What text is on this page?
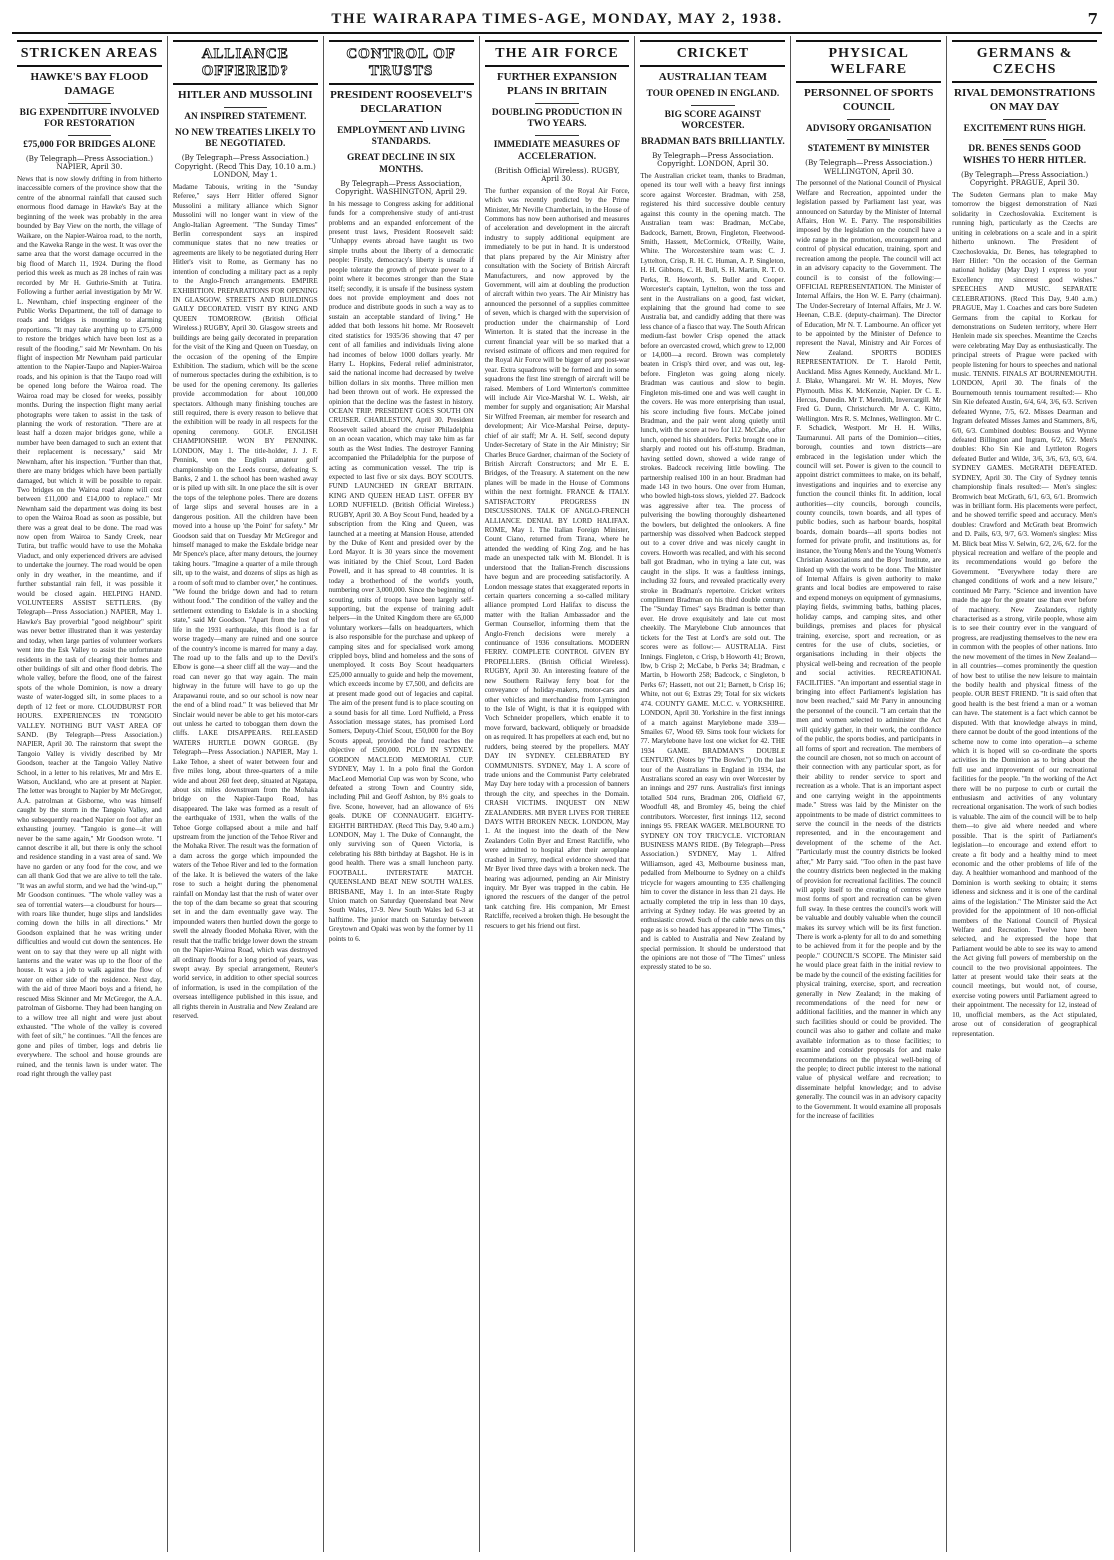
THE WAIRARAPA TIMES-AGE, MONDAY, MAY 2, 1938.	7
STRICKEN AREAS
HAWKE'S BAY FLOOD DAMAGE
BIG EXPENDITURE INVOLVED FOR RESTORATION
£75,000 FOR BRIDGES ALONE
(By Telegraph—Press Association.) NAPIER, April 30.
News that is now slowly drifting in from hitherto inaccessible corners of the province show that the centre of the abnormal rainfall that caused such enormous flood damage in Hawke's Bay at the beginning of the week was probably in the area bounded by Bay View on the north, the village of Waikare, on the Napier-Wairoa road, to the north, and the Kaweka Range in the west. It was over the same area that the worst damage occurred in the big flood of March 11, 1924. During the flood period this week as much as 28 inches of rain was recorded by Mr H. Guthrie-Smith at Tutira. Following a further aerial investigation by Mr W. L. Newnham, chief inspecting engineer of the Public Works Department, the toll of damage to roads and bridges is mounting to alarming proportions. "It may take anything up to £75,000 to restore the bridges which have been lost as a result of the flooding," said Mr Newnham. On his flight of inspection Mr Newnham paid particular attention to the Napier-Taupo and Napier-Wairoa roads, and his opinion is that the Taupo road will be opened long before the Wairoa road. The Wairoa road may be closed for weeks, possibly months. During the inspection flight many aerial photographs were taken to assist in the task of planning the work of restoration. "There are at least half a dozen major bridges gone, while a number have been damaged to such an extent that their replacement is necessary," said Mr Newnham, after his inspection. "Further than that, there are many bridges which have been partially damaged, but which it will be possible to repair. Two bridges on the Wairoa road alone will cost between £11,000 and £14,000 to replace." Mr Newnham said the department was doing its best to open the Wairoa Road as soon as possible, but there was a great deal to be done. The road was now open from Wairoa to Sandy Creek, near Tutira, but traffic would have to use the Mohaka Viaduct, and only experienced drivers are advised to undertake the journey. The road would be open only in dry weather, in the meantime, and if further substantial rain fell, it was possible it would be closed again. HELPING HAND. VOLUNTEERS ASSIST SETTLERS. (By Telegraph—Press Association.) NAPIER, May 1. Hawke's Bay proverbial "good neighbour" spirit was never better illustrated than it was yesterday and today, when large parties of volunteer workers went into the Esk Valley to assist the unfortunate residents in the task of clearing their homes and other buildings of silt and other flood debris. The whole valley, before the flood, one of the fairest spots of the whole Dominion, is now a dreary waste of water-logged silt, in some places to a depth of 12 feet or more. CLOUDBURST FOR HOURS. EXPERIENCES IN TONGOIO VALLEY. NOTHING BUT VAST AREA OF SAND. (By Telegraph—Press Association.) NAPIER, April 30. The rainstorm that swept the Tangoio Valley is vividly described by Mr Goodson, teacher at the Tangoio Valley Native School, in a letter to his relatives, Mr and Mrs E. Watson, Auckland, who are at present at Napier. The letter was brought to Napier by Mr McGregor, A.A. patrolman at Gisborne, who was himself caught by the storm in the Tangoio Valley, and who subsequently reached Napier on foot after an exhausting journey. "Tangoio is gone—it will never be the same again," Mr Goodson wrote. "I cannot describe it all, but there is only the school and residence standing in a vast area of sand. We have no garden or any food for the cow, and we can all thank God that we are alive to tell the tale. "It was an awful storm, and we had the 'wind-up,'" Mr Goodson continues. "The whole valley was a sea of torrential waters—a cloudburst for hours—with roars like thunder, huge slips and landslides coming down the hills in all directions." Mr Goodson explained that he was writing under difficulties and would cut down the sentences. He went on to say that they were up all night with lanterns and the water was up to the floor of the house. It was a job to walk against the flow of water on either side of the residence. Next day, with the aid of three Maori boys and a friend, he rescued Miss Skinner and Mr McGregor, the A.A. patrolman of Gisborne. They had been hanging on to a willow tree all night and were just about exhausted. "The whole of the valley is covered with feet of silt," he continues. "All the fences are gone and piles of timber, logs and debris lie everywhere. The school and house grounds are ruined, and the tennis lawn is under water. The road right through the valley past
ALLIANCE OFFERED?
HITLER AND MUSSOLINI
AN INSPIRED STATEMENT.
NO NEW TREATIES LIKELY TO BE NEGOTIATED.
(By Telegraph—Press Association.) Copyright. (Recd This Day, 10.10 a.m.) LONDON, May 1.
Madame Tabouis, writing in the "Sunday Referee," says Herr Hitler offered Signor Mussolini a military alliance which Signor Mussolini will no longer want in view of the Anglo-Italian Agreement. "The Sunday Times" Berlin correspondent says an inspired communique states that no new treaties or agreements are likely to be negotiated during Herr Hitler's visit to Rome, as Germany has no intention of concluding a military pact as a reply to the Anglo-French arrangements. EMPIRE EXHIBITION. PREPARATIONS FOR OPENING IN GLASGOW. STREETS AND BUILDINGS GAILY DECORATED. VISIT BY KING AND QUEEN TOMORROW. (British Official Wireless.) RUGBY, April 30. Glasgow streets and buildings are being gaily decorated in preparation for the visit of the King and Queen on Tuesday, on the occasion of the opening of the Empire Exhibition. The stadium, which will be the scene of numerous spectacles during the exhibition, is to be used for the opening ceremony. Its galleries provide accommodation for about 100,000 spectators. Although many finishing touches are still required, there is every reason to believe that the exhibition will be ready in all respects for the opening ceremony. GOLF. ENGLISH CHAMPIONSHIP. WON BY PENNINK. LONDON, May 1. The title-holder, J. J. F. Pennink, won the English amateur golf championship on the Leeds course, defeating S. Banks, 2 and 1. the school has been washed away or is piled up with silt. In one place the silt is over the tops of the telephone poles. There are dozens of large slips and several houses are in a dangerous position. All the children have been moved into a house up 'the Point' for safety." Mr Goodson said that on Tuesday Mr McGregor and himself managed to make the Eskdale bridge near Mr Spence's place, after many detours, the journey taking hours. "Imagine a quarter of a mile through silt, up to the waist, and dozens of slips as high as a room of soft mud to clamber over," he continues. "We found the bridge down and had to return without food." The condition of the valley and the settlement extending to Eskdale is in a shocking state," said Mr Goodson. "Apart from the lost of life in the 1931 earthquake, this flood is a far worse tragedy—many are ruined and one source of the country's income is marred for many a day. The road up to the falls and up to the Devil's Elbow is gone—a sheer cliff all the way—and the road can never go that way again. The main highway in the future will have to go up the Arapawanui route, and so our school is now near the end of a blind road." It was believed that Mr Sinclair would never be able to get his motor-cars out unless he carted to toboggan them down the cliffs. LAKE DISAPPEARS. RELEASED WATERS HURTLE DOWN GORGE. (By Telegraph—Press Association.) NAPIER, May 1. Lake Tehoe, a sheet of water between four and five miles long, about three-quarters of a mile wide and about 260 feet deep, situated at Ngatapa, about six miles downstream from the Mohaka bridge on the Napier-Taupo Road, has disappeared. The lake was formed as a result of the earthquake of 1931, when the walls of the Tehoe Gorge collapsed about a mile and half upstream from the junction of the Tehoe River and the Mohaka River. The result was the formation of a dam across the gorge which impounded the waters of the Tehoe River and led to the formation of the lake. It is believed the waters of the lake rose to such a height during the phenomenal rainfall on Monday last that the rush of water over the top of the dam became so great that scouring set in and the dam eventually gave way. The impounded waters then hurtled down the gorge to swell the already flooded Mohaka River, with the result that the traffic bridge lower down the stream on the Napier-Wairoa Road, which was destroyed all ordinary floods for a long period of years, was swept away. By special arrangement, Reuter's world service, in addition to other special sources of information, is used in the compilation of the overseas intelligence published in this issue, and all rights therein in Australia and New Zealand are reserved.
CONTROL OF TRUSTS
PRESIDENT ROOSEVELT'S DECLARATION
EMPLOYMENT AND LIVING STANDARDS.
GREAT DECLINE IN SIX MONTHS.
By Telegraph—Press Association, Copyright. WASHINGTON, April 29.
In his message to Congress asking for additional funds for a comprehensive study of anti-trust problems and an expanded enforcement of the present trust laws, President Roosevelt said: "Unhappy events abroad have taught us two simple truths about the liberty of a democratic people: Firstly, democracy's liberty is unsafe if people tolerate the growth of private power to a point where it becomes stronger than the State itself; secondly, it is unsafe if the business system does not provide employment and does not produce and distribute goods in such a way as to sustain an acceptable standard of living." He added that both lessons hit home. Mr Roosevelt cited statistics for 1935/36 showing that 47 per cent of all families and individuals living alone had incomes of below 1000 dollars yearly. Mr Harry L. Hopkins, Federal relief administrator, said the national income had decreased by twelve billion dollars in six months. Three million men had been thrown out of work. He expressed the opinion that the decline was the fastest in history. OCEAN TRIP. PRESIDENT GOES SOUTH ON CRUISER. CHARLESTON, April 30. President Roosevelt sailed aboard the cruiser Philadelphia on an ocean vacation, which may take him as far south as the West Indies. The destroyer Fanning accompanied the Philadelphia for the purpose of acting as communication vessel. The trip is expected to last five or six days. BOY SCOUTS. FUND LAUNCHED IN GREAT BRITAIN. KING AND QUEEN HEAD LIST. OFFER BY LORD NUFFIELD. (British Official Wireless.) RUGBY, April 30. A Boy Scout Fund, headed by a subscription from the King and Queen, was launched at a meeting at Mansion House, attended by the Duke of Kent and presided over by the Lord Mayor. It is 30 years since the movement was initiated by the Chief Scout, Lord Baden Powell, and it has spread to 48 countries. It is today a brotherhood of the world's youth, numbering over 3,000,000. Since the beginning of scouting, units of troops have been largely self-supporting, but the expense of training adult helpers—in the United Kingdom there are 65,000 voluntary workers—falls on headquarters, which is also responsible for the purchase and upkeep of camping sites and for specialised work among crippled boys, blind and homeless and the sons of unemployed. It costs Boy Scout headquarters £25,000 annually to guide and help the movement, which exceeds income by £7,500, and deficits are at present made good out of legacies and capital. The aim of the present fund is to place scouting on a sound basis for all time. Lord Nuffield, a Press Association message states, has promised Lord Somers, Deputy-Chief Scout, £50,000 for the Boy Scouts appeal, provided the fund reaches the objective of £500,000. POLO IN SYDNEY. GORDON MACLEOD MEMORIAL CUP. SYDNEY, May 1. In a polo final the Gordon MacLeod Memorial Cup was won by Scone, who defeated a strong Town and Country side, including Phil and Geoff Ashton, by 8½ goals to five. Scone, however, had an allowance of 6½ goals. DUKE OF CONNAUGHT. EIGHTY-EIGHTH BIRTHDAY. (Recd This Day, 9.40 a.m.) LONDON, May 1. The Duke of Connaught, the only surviving son of Queen Victoria, is celebrating his 88th birthday at Bagshot. He is in good health. There was a small luncheon party. FOOTBALL. INTERSTATE MATCH. QUEENSLAND BEAT NEW SOUTH WALES. BRISBANE, May 1. In an inter-State Rugby Union match on Saturday Queensland beat New South Wales, 17-9. New South Wales led 6-3 at halftime. The junior match on Saturday between Greytown and Opaki was won by the former by 11 points to 6.
THE AIR FORCE
FURTHER EXPANSION PLANS IN BRITAIN
DOUBLING PRODUCTION IN TWO YEARS.
IMMEDIATE MEASURES OF ACCELERATION.
(British Official Wireless). RUGBY, April 30.
The further expansion of the Royal Air Force, which was recently predicted by the Prime Minister, Mr Neville Chamberlain, in the House of Commons has now been authorised and measures of acceleration and development in the aircraft industry to supply additional equipment are immediately to be put in hand. It is understood that plans prepared by the Air Ministry after consultation with the Society of British Aircraft Manufacturers, and now approved by the Government, will aim at doubling the production of aircraft within two years. The Air Ministry has announced the personnel of a supplies committee of seven, which is charged with the supervision of production under the chairmanship of Lord Winterton. It is stated that the increase in the current financial year will be so marked that a revised estimate of officers and men required for the Royal Air Force will be bigger of any post-war year. Extra squadrons will be formed and in some squadrons the first line strength of aircraft will be raised. Members of Lord Winterton's committee will include Air Vice-Marshal W. L. Welsh, air member for supply and organisation; Air Marshal Sir Wilfred Freeman, air member for research and development; Air Vice-Marshal Peirse, deputy-chief of air staff; Mr A. H. Self, second deputy Under-Secretary of State in the Air Ministry; Sir Charles Bruce Gardner, chairman of the Society of British Aircraft Constructors; and Mr E. E. Bridges, of the Treasury. A statement on the new planes will be made in the House of Commons within the next fortnight. FRANCE & ITALY. SATISFACTORY PROGRESS IN DISCUSSIONS. TALK OF ANGLO-FRENCH ALLIANCE. DENIAL BY LORD HALIFAX. ROME, May 1. The Italian Foreign Minister, Count Ciano, returned from Tirana, where he attended the wedding of King Zog. and he has made an unexpected talk with M. Blondel. It is understood that the Italian-French discussions have begun and are proceeding satisfactorily. A London message states that exaggerated reports in certain quarters concerning a so-called military alliance prompted Lord Halifax to discuss the matter with the Italian Ambassador and the German Counsellor, informing them that the Anglo-French decisions were merely a continuance of 1936 consultations. MODERN FERRY. COMPLETE CONTROL GIVEN BY PROPELLERS. (British Official Wireless). RUGBY, April 30. An interesting feature of the new Southern Railway ferry boat for the conveyance of holiday-makers, motor-cars and other vehicles and merchandise from Lymington to the Isle of Wight, is that it is equipped with Voch Schneider propellers, which enable it to move forward, backward, obliquely or broadside on as required. It has propellers at each end, but no rudders, being steered by the propellers. MAY DAY IN SYDNEY. CELEBRATED BY COMMUNISTS. SYDNEY, May 1. A score of trade unions and the Communist Party celebrated May Day here today with a procession of banners through the city, and speeches in the Domain. CRASH VICTIMS. INQUEST ON NEW ZEALANDERS. MR BYER LIVES FOR THREE DAYS WITH BROKEN NECK. LONDON, May 1. At the inquest into the death of the New Zealanders Colin Byer and Ernest Ratcliffe, who were admitted to hospital after their aeroplane crashed in Surrey, medical evidence showed that Mr Byer lived three days with a broken neck. The hearing was adjourned, pending an Air Ministry inquiry. Mr Byer was trapped in the cabin. He ignored the rescuers of the danger of the petrol tank catching fire. His companion, Mr Ernest Ratcliffe, received a broken thigh. He besought the rescuers to get his friend out first.
CRICKET
AUSTRALIAN TEAM
TOUR OPENED IN ENGLAND.
BIG SCORE AGAINST WORCESTER.
BRADMAN BATS BRILLIANTLY.
By Telegraph—Press Association. Copyright. LONDON, April 30.
The Australian cricket team, thanks to Bradman, opened its tour well with a heavy first innings score against Worcester. Bradman, with 258, registered his third successive double century against this county in the opening match. The Australian team was: Bradman, McCabe, Badcock, Barnett, Brown, Fingleton, Fleetwood-Smith, Hassett, McCormick, O'Reilly, Waite, White. The Worcestershire team was: C. J. Lyttelton, Crisp, R. H. C. Human, A. P. Singleton, H. H. Gibbons, C. H. Bull, S. H. Martin, R. T. O. Perks, R. Howorth, S. Buller and Cooper. Worcester's captain, Lyttelton, won the toss and sent in the Australians on a good, fast wicket, explaining that the ground had come to see Australia bat, and candidly adding that there was less chance of a fiasco that way. The South African medium-fast bowler Crisp opened the attack before an overcasted crowd, which grew to 12,000 or 14,000—a record. Brown was completely beaten in Crisp's third over, and was out, leg-before. Fingleton was going along nicely. Bradman was cautious and slow to begin. Fingleton mis-timed one and was well caught in the covers. He was more enterprising than usual, his score including five fours. McCabe joined Bradman, and the pair went along quietly until lunch, with the score at two for 112. McCabe, after lunch, opened his shoulders. Perks brought one in sharply and rooted out his off-stump. Bradman, having settled down, showed a wide range of strokes. Badcock receiving little bowling. The partnership realised 100 in an hour. Bradman had made 143 in two hours. One over from Human, who bowled high-toss slows, yielded 27. Badcock was aggressive after tea. The process of pulverising the bowling thoroughly disheartened the bowlers, but delighted the onlookers. A fine partnership was dissolved when Badcock stepped out to a cover drive and was nicely caught in covers. Howorth was recalled, and with his second ball got Bradman, who in trying a late cut, was caught in the slips. It was a faultless innings, including 32 fours, and revealed practically every stroke in Bradman's repertoire. Cricket writers compliment Bradman on his third double century. The "Sunday Times" says Bradman is better than ever. He drove exquisitely and late cut most cheekily. The Marylebone Club announces that tickets for the Test at Lord's are sold out. The scores were as follow:— AUSTRALIA. First Innings. Fingleton, c Crisp, b Howorth 41; Brown, lbw, b Crisp 2; McCabe, b Perks 34; Bradman, c Martin, b Howorth 258; Badcock, c Singleton, b Perks 67; Hassett, not out 21; Barnett, b Crisp 16; White, not out 6; Extras 29; Total for six wickets 474. COUNTY GAME. M.C.C. v. YORKSHIRE. LONDON, April 30. Yorkshire in the first innings of a match against Marylebone made 339—Smailes 67, Wood 69. Sims took four wickets for 77. Marylebone have lost one wicket for 42. THE 1934 GAME. BRADMAN'S DOUBLE CENTURY. (Notes by "The Bowler.") On the last tour of the Australians in England in 1934, the Australians scored an easy win over Worcester by an innings and 297 runs. Australia's first innings totalled 504 runs, Bradman 206, Oldfield 67, Woodfull 48, and Bromley 45, being the chief contributors. Worcester, first innings 112, second innings 95. FREAK WAGER. MELBOURNE TO SYDNEY ON TOY TRICYCLE. VICTORIAN BUSINESS MAN'S RIDE. (By Telegraph—Press Association.) SYDNEY, May 1. Alfred Williamson, aged 43, Melbourne business man, pedalled from Melbourne to Sydney on a child's tricycle for wagers amounting to £35 challenging him to cover the distance in less than 21 days. He actually completed the trip in less than 10 days, arriving at Sydney today. He was greeted by an enthusiastic crowd. Such of the cable news on this page as is so headed has appeared in "The Times," and is cabled to Australia and New Zealand by special permission. It should be understood that the opinions are not those of "The Times" unless expressly stated to be so.
PHYSICAL WELFARE
PERSONNEL OF SPORTS COUNCIL
ADVISORY ORGANISATION
STATEMENT BY MINISTER
(By Telegraph—Press Association.) WELLINGTON, April 30.
The personnel of the National Council of Physical Welfare and Recreation, appointed under the legislation passed by Parliament last year, was announced on Saturday by the Minister of Internal Affairs, Hon W. E. Parry. The responsibilities imposed by the legislation on the council have a wide range in the promotion, encouragement and control of physical education, training, sport and recreation among the people. The council will act in an advisory capacity to the Government. The council is to consist of the following:— OFFICIAL REPRESENTATION. The Minister of Internal Affairs, the Hon W. E. Parry (chairman). The Under-Secretary of Internal Affairs, Mr J. W. Heenan, C.B.E. (deputy-chairman). The Director of Education, Mr N. T. Lambourne. An officer yet to be appointed by the Minister of Defence to represent the Naval, Ministry and Air Forces of New Zealand. SPORTS BODIES REPRESENTATION. Dr T. Harold Pettit, Auckland. Miss Agnes Kennedy, Auckland. Mr L. J. Blake, Whangarei. Mr W. H. Moyes, New Plymouth. Miss K. McKenzie, Napier. Dr C. E. Hercus, Dunedin. Mr T. Meredith, Invercargill. Mr Fred G. Dunn, Christchurch. Mr A. C. Kitto, Wellington. Mrs R. S. McInnes, Wellington. Mr C. F. Schadick, Westport. Mr H. H. Wilks, Taumarunui. All parts of the Dominion—cities, borough, counties and town districts—are embraced in the legislation under which the council will set. Power is given to the council to appoint district committees to make, on its behalf, investigations and inquiries and to exercise any function the council thinks fit. In addition, local authorities—city councils, borough councils, county councils, town boards, and all types of public bodies, such as harbour boards, hospital boards, domain boards—all sports bodies not formed for private profit, and institutions as, for instance, the Young Men's and the Young Women's Christian Associations and the Boys' Institute, are linked up with the work to be done. The Minister of Internal Affairs is given authority to make grants and local bodies are empowered to raise and expend moneys on equipment of gymnasiums, playing fields, swimming baths, bathing places, holiday camps, and camping sites, and other buildings, premises and places for physical training, exercise, sport and recreation, or as centres for the use of clubs, societies, or organisations including in their objects the physical well-being and recreation of the people and social activities. RECREATIONAL FACILITIES. "An important and essential stage in bringing into effect Parliament's legislation has now been reached," said Mr Parry in announcing the personnel of the council. "I am certain that the men and women selected to administer the Act will quickly gather, in their work, the confidence of the public, the sports bodies, and participants in all forms of sport and recreation. The members of the council are chosen, not so much on account of their connection with any particular sport, as for their ability to render service to sport and recreation as a whole. That is an important aspect and one carrying weight in the appointments made." Stress was laid by the Minister on the appointments to be made of district committees to serve the council in the needs of the districts represented, and in the encouragement and development of the scheme of the Act. "Particularly must the country districts be looked after," Mr Parry said. "Too often in the past have the country districts been neglected in the making of provision for recreational facilities. The council will apply itself to the creating of centres where most forms of sport and recreation can be given full sway. In these centres the council's work will be valuable and doubly valuable when the council makes its survey which will be its first function. There is work a-plenty for all to do and something to be achieved from it for the people and by the people." COUNCIL'S SCOPE. The Minister said he would place great faith in the initial review to be made by the council of the existing facilities for physical training, exercise, sport, and recreation generally in New Zealand; in the making of recommendations of the need for new or additional facilities, and the manner in which any such facilities should or could be provided. The council was also to gather and collate and make available information as to those facilities; to examine and consider proposals for and make recommendations on the physical well-being of the people; to direct public interest to the national value of physical welfare and recreation; to disseminate helpful knowledge; and to advise generally. The council was in an advisory capacity to the Government. It would examine all proposals for the increase of facilities
GERMANS & CZECHS
RIVAL DEMONSTRATIONS ON MAY DAY
EXCITEMENT RUNS HIGH.
DR. BENES SENDS GOOD WISHES TO HERR HITLER.
(By Telegraph—Press Association.) Copyright. PRAGUE, April 30.
The Sudeten Germans plan to make May tomorrow the biggest demonstration of Nazi solidarity in Czechoslovakia. Excitement is running high, particularly as the Czechs are uniting in celebrations on a scale and in a spirit hitherto unknown. The President of Czechoslovakia, Dr. Benes, has telegraphed to Herr Hitler: "On the occasion of the German national holiday (May Day) I express to your Excellency my sincerest good wishes." SPEECHES AND MUSIC. SEPARATE CELEBRATIONS. (Recd This Day, 9.40 a.m.) PRAGUE, May 1. Coaches and cars bore Sudeten Germans from the capital to Korkau for demonstrations on Sudeten territory, where Herr Henlein made six speeches. Meantime the Czechs were celebrating May Day as enthusiastically. The principal streets of Prague were packed with people listening for hours to speeches and national music. TENNIS. FINALS AT BOURNEMOUTH. LONDON, April 30. The finals of the Bournemouth tennis tournament resulted:— Kho Sin Kie defeated Austin, 6/4, 6/4, 3/6, 6/3. Scriven defeated Wynne, 7/5, 6/2. Misses Dearman and Ingram defeated Misses James and Stammers, 8/6, 6/0, 6/3. Combined doubles: Bousus and Wynne defeated Billington and Ingram, 6/2, 6/2. Men's doubles: Kho Sin Kie and Lyttleton Rogers defeated Butler and Wilde, 3/6, 3/6, 6/3, 6/3, 6/4. SYDNEY GAMES. McGRATH DEFEATED. SYDNEY, April 30. The City of Sydney tennis championship finals resulted:— Men's singles: Bromwich beat McGrath, 6/1, 6/3, 6/1. Bromwich was in brilliant form. His placements were perfect, and he showed terrific speed and accuracy. Men's doubles: Crawford and McGrath beat Bromwich and D. Pails, 6/3, 9/7, 6/3. Women's singles: Miss M. Blick beat Miss V. Selwin, 6/2, 2/6, 6/2. for the physical recreation and welfare of the people and its recommendations would go before the Government. "Everywhere today there are changed conditions of work and a new leisure," continued Mr Parry. "Science and invention have made the age for the greater use than ever before of machinery. New Zealanders, rightly characterised as a strong, virile people, whose aim is to see their country ever in the vanguard of progress, are readjusting themselves to the new era in common with the peoples of other nations. Into the new movement of the times in New Zealand—in all countries—comes prominently the question of how best to utilise the new leisure to maintain the bodily health and physical fitness of the people. OUR BEST FRIEND. "It is said often that good health is the best friend a man or a woman can have. The statement is a fact which cannot be disputed. With that knowledge always in mind, there cannot be doubt of the good intentions of the scheme now to come into operation—a scheme which it is hoped will so co-ordinate the sports activities in the Dominion as to bring about the full use and improvement of our recreational facilities for the people. "In the working of the Act there will be no purpose to curb or curtail the enthusiasm and activities of any voluntary recreational organisation. The work of such bodies is valuable. The aim of the council will be to help them—to give aid where needed and where possible. That is the spirit of Parliament's legislation—to encourage and extend effort to create a fit body and a healthy mind to meet economic and the other problems of life of the day. A healthier womanhood and manhood of the Dominion is worth seeking to obtain; it stems idleness and sickness and it is one of the cardinal aims of the legislation." The Minister said the Act provided for the appointment of 10 non-official members of the National Council of Physical Welfare and Recreation. Twelve have been selected, and he expressed the hope that Parliament would be able to see its way to amend the Act giving full powers of membership on the council to the two provisional appointees. The latter at present would take their seats at the council meetings, but would not, of course, exercise voting powers until Parliament agreed to their appointment. The necessity for 12, instead of 10, unofficial members, as the Act stipulated, arose out of consideration of geographical representation.
